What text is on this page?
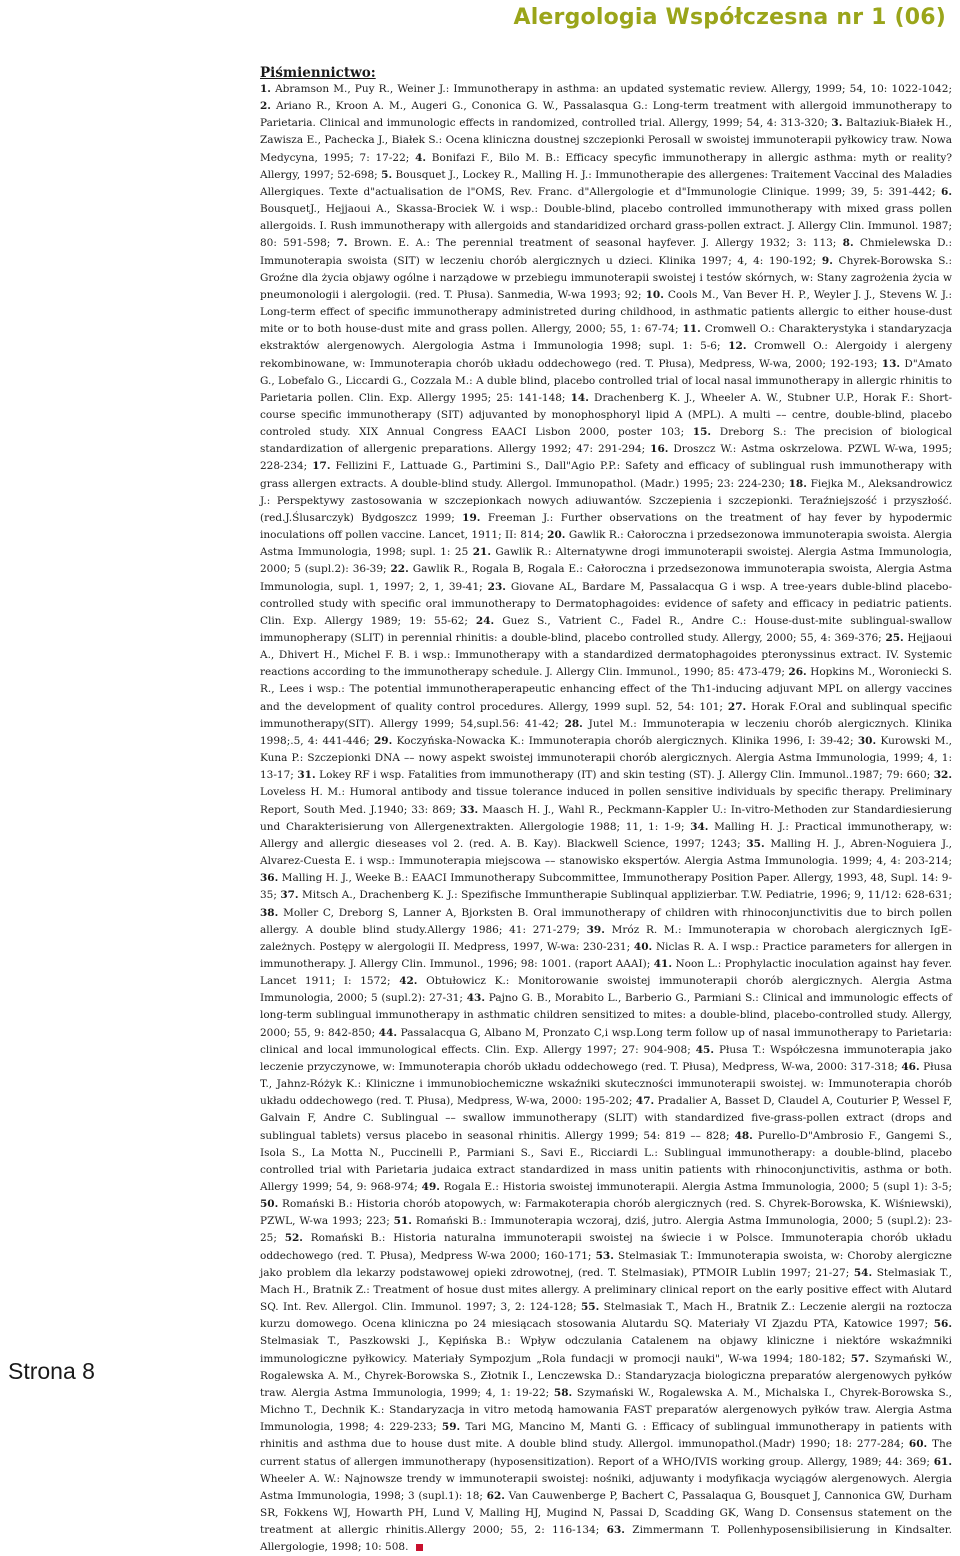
Alergologia Współczesna nr 1 (06)
Piśmiennictwo:

1. Abramson M., Puy R., Weiner J.: Immunotherapy in asthma: an updated systematic review. Allergy, 1999; 54, 10: 1022-1042; 2. Ariano R., Kroon A. M., Augeri G., Cononica G. W., Passalasqua G.: Long-term treatment with allergoid immunotherapy to Parietaria. Clinical and immunologic effects in randomized, controlled trial. Allergy, 1999; 54, 4: 313-320; 3. Baltaziuk-Białek H., Zawisza E., Pachecka J., Białek S.: Ocena kliniczna doustnej szczepionki Perosall w swoistej immunoterapii pyłkowicy traw. Nowa Medycyna, 1995; 7: 17-22; 4. Bonifazi F., Bilo M. B.: Efficacy specyfic immunotherapy in allergic asthma: myth or reality? Allergy, 1997; 52-698; 5. Bousquet J., Lockey R., Malling H. J.: Immunotherapie des allergenes: Traitement Vaccinal des Maladies Allergiques. Texte d"actualisation de l"OMS, Rev. Franc. d"Allergologie et d"Immunologie Clinique. 1999; 39, 5: 391-442; 6. BousquetJ., Hejjaoui A., Skassa-Brociek W. i wsp.: Double-blind, placebo controlled immunotherapy with mixed grass pollen allergoids. I. Rush immunotherapy with allergoids and standaridized orchard grass-pollen extract. J. Allergy Clin. Immunol. 1987; 80: 591-598; 7. Brown. E. A.: The perennial treatment of seasonal hayfever. J. Allergy 1932; 3: 113; 8. Chmielewska D.: Immunoterapia swoista (SIT) w leczeniu chorób alergicznych u dzieci. Klinika 1997; 4, 4: 190-192; 9. Chyrek-Borowska S.: Groźne dla życia objawy ogólne i narządowe w przebiegu immunoterapii swoistej i testów skórnych, w: Stany zagrożenia życia w pneumonologii i alergologii. (red. T. Płusa). Sanmedia, W-wa 1993; 92; 10. Cools M., Van Bever H. P., Weyler J. J., Stevens W. J.: Long-term effect of specific immunotherapy administreted during childhood, in asthmatic patients allergic to either house-dust mite or to both house-dust mite and grass pollen. Allergy, 2000; 55, 1: 67-74; 11. Cromwell O.: Charakterystyka i standaryzacja ekstraktów alergenowych. Alergologia Astma i Immunologia 1998; supl. 1: 5-6; 12. Cromwell O.: Alergoidy i alergeny rekombinowane, w: Immunoterapia chorób układu oddechowego (red. T. Płusa), Medpress, W-wa, 2000; 192-193; 13. D"Amato G., Lobefalo G., Liccardi G., Cozzala M.: A duble blind, placebo controlled trial of local nasal immunotherapy in allergic rhinitis to Parietaria pollen. Clin. Exp. Allergy 1995; 25: 141-148; 14. Drachenberg K. J., Wheeler A. W., Stubner U.P., Horak F.: Short-course specific immunotherapy (SIT) adjuvanted by monophosphoryl lipid A (MPL). A multi –– centre, double-blind, placebo controled study. XIX Annual Congress EAACI Lisbon 2000, poster 103; 15. Dreborg S.: The precision of biological standardization of allergenic preparations. Allergy 1992; 47: 291-294; 16. Droszcz W.: Astma oskrzelowa. PZWL W-wa, 1995; 228-234; 17. Fellizini F., Lattuade G., Partimini S., Dall"Agio P.P.: Safety and efficacy of sublingual rush immunotherapy with grass allergen extracts. A double-blind study. Allergol. Immunopathol. (Madr.) 1995; 23: 224-230; 18. Fiejka M., Aleksandrowicz J.: Perspektywy zastosowania w szczepionkach nowych adiuwantów. Szczepienia i szczepionki. Teraźniejszość i przyszłość. (red.J.Ślusarczyk) Bydgoszcz 1999; 19. Freeman J.: Further observations on the treatment of hay fever by hypodermic inoculations off pollen vaccine. Lancet, 1911; II: 814; 20. Gawlik R.: Całoroczna i przedsezonowa immunoterapia swoista. Alergia Astma Immunologia, 1998; supl. 1: 25 21. Gawlik R.: Alternatywne drogi immunoterapii swoistej. Alergia Astma Immunologia, 2000; 5 (supl.2): 36-39; 22. Gawlik R., Rogala B, Rogala E.: Całoroczna i przedsezonowa immunoterapia swoista, Alergia Astma Immunologia, supl. 1, 1997; 2, 1, 39-41; 23. Giovane AL, Bardare M, Passalacqua G i wsp. A tree-years duble-blind placebo-controlled study with specific oral immunotherapy to Dermatophagoides: evidence of safety and efficacy in pediatric patients. Clin. Exp. Allergy 1989; 19: 55-62; 24. Guez S., Vatrient C., Fadel R., Andre C.: House-dust-mite sublingual-swallow immunopherapy (SLIT) in perennial rhinitis: a double-blind, placebo controlled study. Allergy, 2000; 55, 4: 369-376; 25. Hejjaoui A., Dhivert H., Michel F. B. i wsp.: Immunotherapy with a standardized dermatophagoides pteronyssinus extract. IV. Systemic reactions according to the immunotherapy schedule. J. Allergy Clin. Immunol., 1990; 85: 473-479; 26. Hopkins M., Woroniecki S. R., Lees i wsp.: The potential immunotheraperapeutic enhancing effect of the Th1-inducing adjuvant MPL on allergy vaccines and the development of quality control procedures. Allergy, 1999 supl. 52, 54: 101; 27. Horak F.Oral and sublinqual specific immunotherapy(SIT). Allergy 1999; 54,supl.56: 41-42; 28. Jutel M.: Immunoterapia w leczeniu chorób alergicznych. Klinika 1998;.5, 4: 441-446; 29. Koczyńska-Nowacka K.: Immunoterapia chorób alergicznych. Klinika 1996, I: 39-42; 30. Kurowski M., Kuna P.: Szczepionki DNA –– nowy aspekt swoistej immunoterapii chorób alergicznych. Alergia Astma Immunologia, 1999; 4, 1: 13-17; 31. Lokey RF i wsp. Fatalities from immunotherapy (IT) and skin testing (ST). J. Allergy Clin. Immunol..1987; 79: 660; 32. Loveless H. M.: Humoral antibody and tissue tolerance induced in pollen sensitive individuals by specific therapy. Preliminary Report, South Med. J.1940; 33: 869; 33. Maasch H. J., Wahl R., Peckmann-Kappler U.: In-vitro-Methoden zur Standardiesierung und Charakterisierung von Allergenextrakten. Allergologie 1988; 11, 1: 1-9; 34. Malling H. J.: Practical immunotherapy, w: Allergy and allergic dieseases vol 2. (red. A. B. Kay). Blackwell Science, 1997; 1243; 35. Malling H. J., Abren-Noguiera J., Alvarez-Cuesta E. i wsp.: Immunoterapia miejscowa –– stanowisko ekspertów. Alergia Astma Immunologia. 1999; 4, 4: 203-214; 36. Malling H. J., Weeke B.: EAACI Immunotherapy Subcommittee, Immunotherapy Position Paper. Allergy, 1993, 48, Supl. 14: 9-35; 37. Mitsch A., Drachenberg K. J.: Spezifische Immuntherapie Sublinqual applizierbar. T.W. Pediatrie, 1996; 9, 11/12: 628-631; 38. Moller C, Dreborg S, Lanner A, Bjorksten B. Oral immunotherapy of children with rhinoconjunctivitis due to birch pollen allergy. A double blind study.Allergy 1986; 41: 271-279; 39. Mróz R. M.: Immunoterapia w chorobach alergicznych IgE-zależnych. Postępy w alergologii II. Medpress, 1997, W-wa: 230-231; 40. Niclas R. A. I wsp.: Practice parameters for allergen in immunotherapy. J. Allergy Clin. Immunol., 1996; 98: 1001. (raport AAAI); 41. Noon L.: Prophylactic inoculation against hay fever. Lancet 1911; I: 1572; 42. Obtułowicz K.: Monitorowanie swoistej immunoterapii chorób alergicznych. Alergia Astma Immunologia, 2000; 5 (supl.2): 27-31; 43. Pajno G. B., Morabito L., Barberio G., Parmiani S.: Clinical and immunologic effects of long-term sublingual immunotherapy in asthmatic children sensitized to mites: a double-blind, placebo-controlled study. Allergy, 2000; 55, 9: 842-850; 44. Passalacqua G, Albano M, Pronzato C,i wsp.Long term follow up of nasal immunotherapy to Parietaria: clinical and local immunological effects. Clin. Exp. Allergy 1997; 27: 904-908; 45. Płusa T.: Współczesna immunoterapia jako leczenie przyczynowe, w: Immunoterapia chorób układu oddechowego (red. T. Płusa), Medpress, W-wa, 2000: 317-318; 46. Płusa T., Jahnz-Różyk K.: Kliniczne i immunobiochemiczne wskaźniki skuteczności immunoterapii swoistej. w: Immunoterapia chorób układu oddechowego (red. T. Płusa), Medpress, W-wa, 2000: 195-202; 47. Pradalier A, Basset D, Claudel A, Couturier P, Wessel F, Galvain F, Andre C. Sublingual –– swallow immunotherapy (SLIT) with standardized five-grass-pollen extract (drops and sublingual tablets) versus placebo in seasonal rhinitis. Allergy 1999; 54: 819 –– 828; 48. Purello-D"Ambrosio F., Gangemi S., Isola S., La Motta N., Puccinelli P., Parmiani S., Savi E., Ricciardi L.: Sublingual immunotherapy: a double-blind, placebo controlled trial with Parietaria judaica extract standardized in mass unitin patients with rhinoconjunctivitis, asthma or both. Allergy 1999; 54, 9: 968-974; 49. Rogala E.: Historia swoistej immunoterapii. Alergia Astma Immunologia, 2000; 5 (supl 1): 3-5; 50. Romański B.: Historia chorób atopowych, w: Farmakoterapia chorób alergicznych (red. S. Chyrek-Borowska, K. Wiśniewski), PZWL, W-wa 1993; 223; 51. Romański B.: Immunoterapia wczoraj, dziś, jutro. Alergia Astma Immunologia, 2000; 5 (supl.2): 23-25; 52. Romański B.: Historia naturalna immunoterapii swoistej na świecie i w Polsce. Immunoterapia chorób układu oddechowego (red. T. Płusa), Medpress W-wa 2000; 160-171; 53. Stelmasiak T.: Immunoterapia swoista, w: Choroby alergiczne jako problem dla lekarzy podstawowej opieki zdrowotnej, (red. T. Stelmasiak), PTMOIR Lublin 1997; 21-27; 54. Stelmasiak T., Mach H., Bratnik Z.: Treatment of hosue dust mites allergy. A preliminary clinical report on the early positive effect with Alutard SQ. Int. Rev. Allergol. Clin. Immunol. 1997; 3, 2: 124-128; 55. Stelmasiak T., Mach H., Bratnik Z.: Leczenie alergii na roztocza kurzu domowego. Ocena kliniczna po 24 miesiącach stosowania Alutardu SQ. Materiały VI Zjazdu PTA, Katowice 1997; 56. Stelmasiak T., Paszkowski J., Kępińska B.: Wpływ odczulania Catalenem na objawy kliniczne i niektóre wskaźmniki immunologiczne pyłkowicy. Materiały Sympozjum „Rola fundacji w promocji nauki", W-wa 1994; 180-182; 57. Szymański W., Rogalewska A. M., Chyrek-Borowska S., Złotnik I., Lenczewska D.: Standaryzacja biologiczna preparatów alergenowych pyłków traw. Alergia Astma Immunologia, 1999; 4, 1: 19-22; 58. Szymański W., Rogalewska A. M., Michalska I., Chyrek-Borowska S., Michno T., Dechnik K.: Standaryzacja in vitro metodą hamowania FAST preparatów alergenowych pyłków traw. Alergia Astma Immunologia, 1998; 4: 229-233; 59. Tari MG, Mancino M, Manti G. : Efficacy of sublingual immunotherapy in patients with rhinitis and asthma due to house dust mite. A double blind study. Allergol. immunopathol.(Madr) 1990; 18: 277-284; 60. The current status of allergen immunotherapy (hyposensitization). Report of a WHO/IVIS working group. Allergy, 1989; 44: 369; 61. Wheeler A. W.: Najnowsze trendy w immunoterapii swoistej: nośniki, adjuwanty i modyfikacja wyciągów alergenowych. Alergia Astma Immunologia, 1998; 3 (supl.1): 18; 62. Van Cauwenberge P, Bachert C, Passalaqua G, Bousquet J, Cannonica GW, Durham SR, Fokkens WJ, Howarth PH, Lund V, Malling HJ, Mugind N, Passai D, Scadding GK, Wang D. Consensus statement on the treatment at allergic rhinitis.Allergy 2000; 55, 2: 116-134; 63. Zimmermann T. Pollenhyposensibilisierung in Kindsalter. Allergologie, 1998; 10: 508.

Strona 8
